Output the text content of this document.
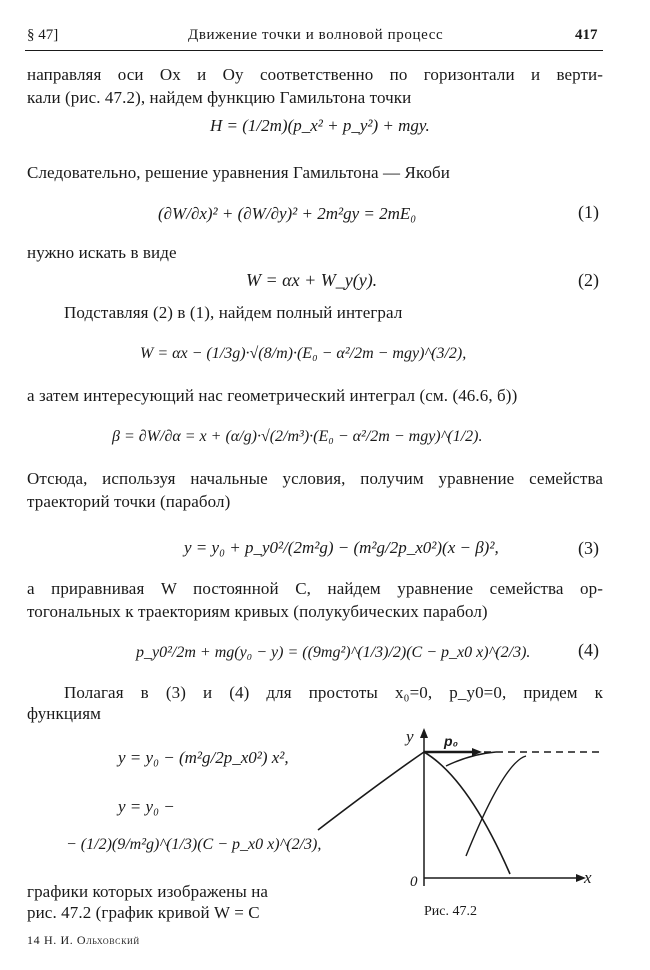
§ 47]	Движение точки и волновой процесс	417
направляя оси Ox и Oy соответственно по горизонтали и верти-
кали (рис. 47.2), найдем функцию Гамильтона точки
H = (1/2m)(p_x² + p_y²) + mgy.
Следовательно, решение уравнения Гамильтона — Якоби
(∂W/∂x)² + (∂W/∂y)² + 2m²gy = 2mE₀	(1)
нужно искать в виде
W = αx + W_y(y).	(2)
Подставляя (2) в (1), найдем полный интеграл
W = αx − (1/3g)·√(8/m)·(E₀ − α²/2m − mgy)^(3/2),
а затем интересующий нас геометрический интеграл (см. (46.6, б))
β = ∂W/∂α = x + (α/g)·√(2/m³)·(E₀ − α²/2m − mgy)^(1/2).
Отсюда, используя начальные условия, получим уравнение семейства
траекторий точки (парабол)
y = y₀ + p_y0²/(2m²g) − (m²g/2p_x0²)(x − β)²,	(3)
а приравнивая W постоянной C, найдем уравнение семейства ор-
тогональных к траекториям кривых (полукубических парабол)
p_y0²/2m + mg(y₀ − y) = ((9mg²)^(1/3)/2)(C − p_x0 x)^(2/3).	(4)
Полагая в (3) и (4) для простоты x₀=0, p_y0=0, придем к
функциям
y = y₀ − (m²g/2p_x0²) x²,
y = y₀ −
− (1/2)(9/m²g)^(1/3)(C − p_x0 x)^(2/3),
графики которых изображены на
рис. 47.2 (график кривой W = C
y
x
0
p₀
Рис. 47.2
14 Н. И. Ольховский
